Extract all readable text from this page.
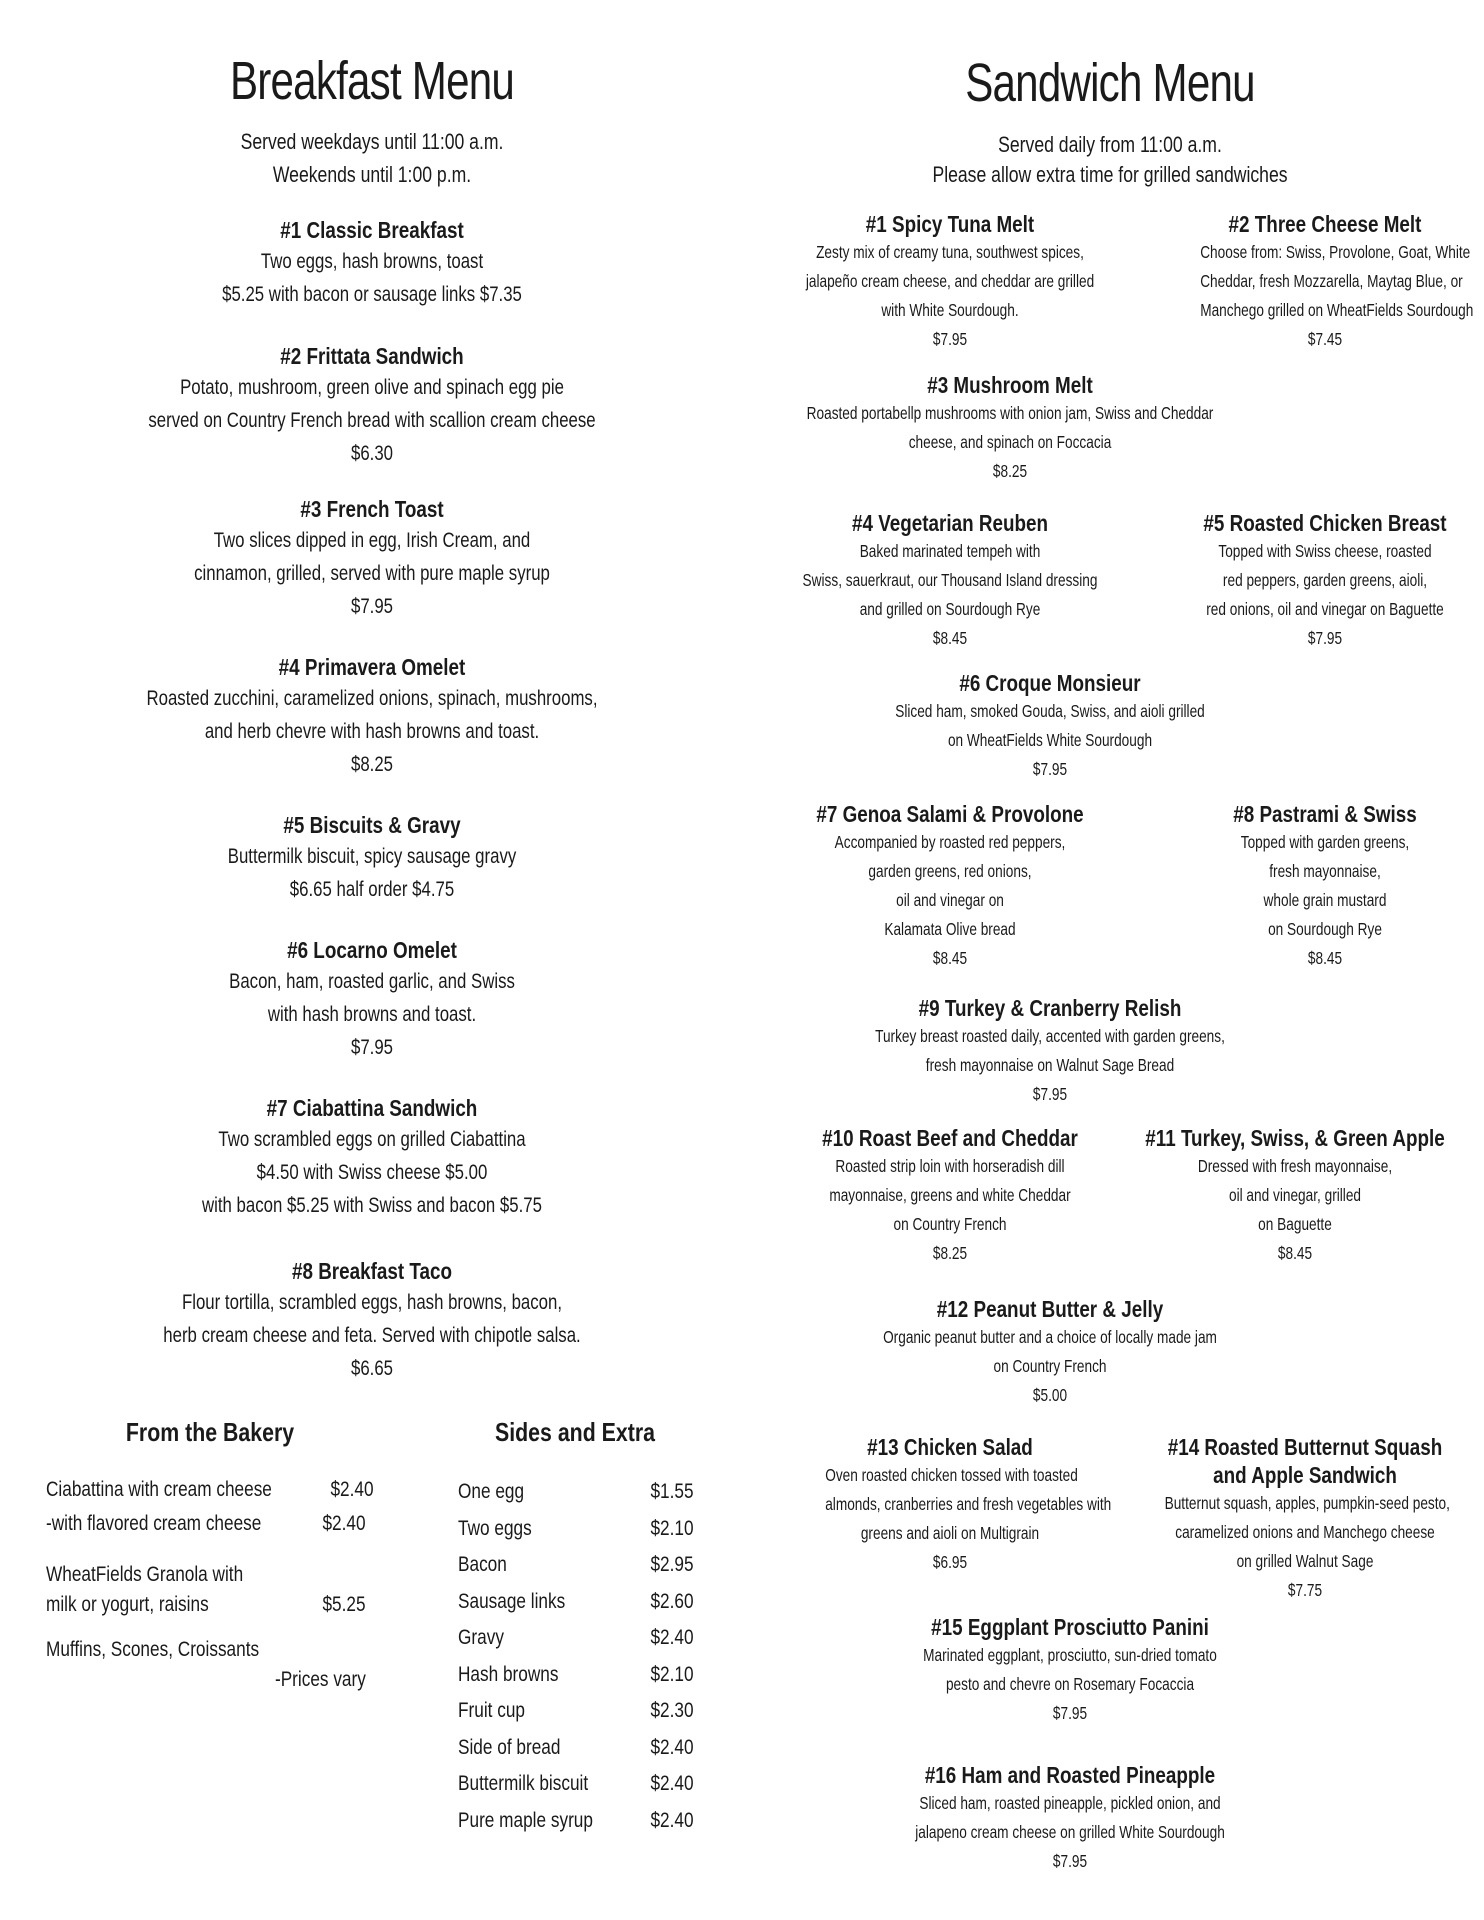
Breakfast Menu
Served weekdays until 11:00 a.m.
Weekends until 1:00 p.m.
#1 Classic Breakfast
Two eggs, hash browns, toast
$5.25 with bacon or sausage links $7.35
#2 Frittata Sandwich
Potato, mushroom, green olive and spinach egg pie
served on Country French bread with scallion cream cheese
$6.30
#3 French Toast
Two slices dipped in egg, Irish Cream, and
cinnamon, grilled, served with pure maple syrup
$7.95
#4 Primavera Omelet
Roasted zucchini, caramelized onions, spinach, mushrooms,
and herb chevre with hash browns and toast.
$8.25
#5 Biscuits & Gravy
Buttermilk biscuit, spicy sausage gravy
$6.65 half order $4.75
#6 Locarno Omelet
Bacon, ham, roasted garlic, and Swiss
with hash browns and toast.
$7.95
#7 Ciabattina Sandwich
Two scrambled eggs on grilled Ciabattina
$4.50 with Swiss cheese $5.00
with bacon $5.25 with Swiss and bacon $5.75
#8 Breakfast Taco
Flour tortilla, scrambled eggs, hash browns, bacon,
herb cream cheese and feta. Served with chipotle salsa.
$6.65
From the Bakery
Ciabattina with cream cheese	$2.40
-with flavored cream cheese	$2.40
WheatFields Granola with
milk or yogurt, raisins	$5.25
Muffins, Scones, Croissants
-Prices vary
Sides and Extra
One egg	$1.55
Two eggs	$2.10
Bacon	$2.95
Sausage links	$2.60
Gravy	$2.40
Hash browns	$2.10
Fruit cup	$2.30
Side of bread	$2.40
Buttermilk biscuit	$2.40
Pure maple syrup	$2.40
Sandwich Menu
Served daily from 11:00 a.m.
Please allow extra time for grilled sandwiches
#1 Spicy Tuna Melt
Zesty mix of creamy tuna, southwest spices,
jalapeño cream cheese, and cheddar are grilled
with White Sourdough.
$7.95
#2 Three Cheese Melt
Choose from: Swiss, Provolone, Goat, White
Cheddar, fresh Mozzarella, Maytag Blue, or
Manchego grilled on WheatFields Sourdough
$7.45
#3 Mushroom Melt
Roasted portabellp mushrooms with onion jam, Swiss and Cheddar
cheese, and spinach on Foccacia
$8.25
#4 Vegetarian Reuben
Baked marinated tempeh with
Swiss, sauerkraut, our Thousand Island dressing
and grilled on Sourdough Rye
$8.45
#5 Roasted Chicken Breast
Topped with Swiss cheese, roasted
red peppers, garden greens, aioli,
red onions, oil and vinegar on Baguette
$7.95
#6 Croque Monsieur
Sliced ham, smoked Gouda, Swiss, and aioli grilled
on WheatFields White Sourdough
$7.95
#7 Genoa Salami & Provolone
Accompanied by roasted red peppers,
garden greens, red onions,
oil and vinegar on
Kalamata Olive bread
$8.45
#8 Pastrami & Swiss
Topped with garden greens,
fresh mayonnaise,
whole grain mustard
on Sourdough Rye
$8.45
#9 Turkey & Cranberry Relish
Turkey breast roasted daily, accented with garden greens,
fresh mayonnaise on Walnut Sage Bread
$7.95
#10 Roast Beef and Cheddar
Roasted strip loin with horseradish dill
mayonnaise, greens and white Cheddar
on Country French
$8.25
#11 Turkey, Swiss, & Green Apple
Dressed with fresh mayonnaise,
oil and vinegar, grilled
on Baguette
$8.45
#12 Peanut Butter & Jelly
Organic peanut butter and a choice of locally made jam
on Country French
$5.00
#13 Chicken Salad
Oven roasted chicken tossed with toasted
almonds, cranberries and fresh vegetables with
greens and aioli on Multigrain
$6.95
#14 Roasted Butternut Squash
and Apple Sandwich
Butternut squash, apples, pumpkin-seed pesto,
caramelized onions and Manchego cheese
on grilled Walnut Sage
$7.75
#15 Eggplant Prosciutto Panini
Marinated eggplant, prosciutto, sun-dried tomato
pesto and chevre on Rosemary Focaccia
$7.95
#16 Ham and Roasted Pineapple
Sliced ham, roasted pineapple, pickled onion, and
jalapeno cream cheese on grilled White Sourdough
$7.95
